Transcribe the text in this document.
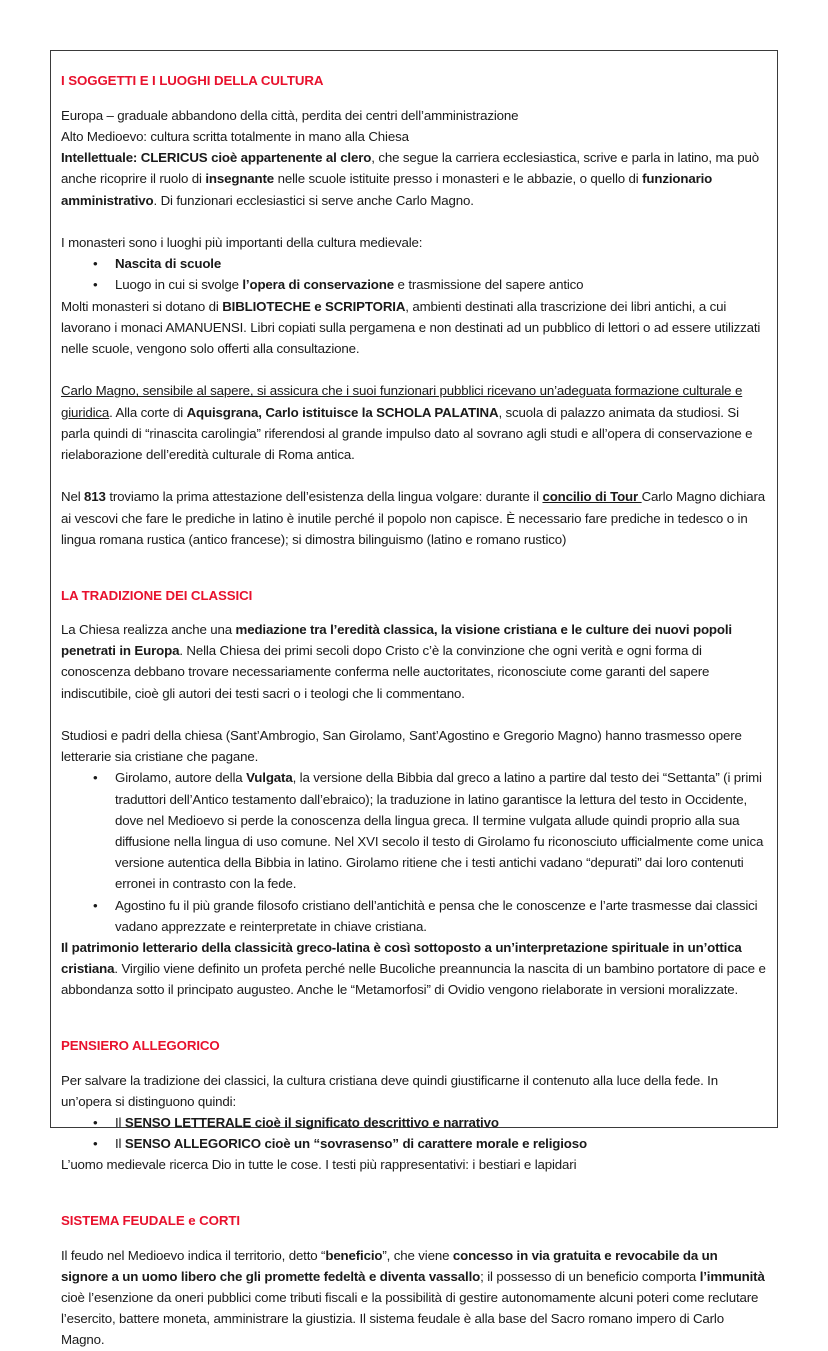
I SOGGETTI E I LUOGHI DELLA CULTURA

Europa – graduale abbandono della città, perdita dei centri dell’amministrazione

Alto Medioevo: cultura scritta totalmente in mano alla Chiesa

Intellettuale: CLERICUS cioè appartenente al clero, che segue la carriera ecclesiastica, scrive e parla in latino, ma può anche ricoprire il ruolo di insegnante nelle scuole istituite presso i monasteri e le abbazie, o quello di funzionario amministrativo. Di funzionari ecclesiastici si serve anche Carlo Magno.

I monasteri sono i luoghi più importanti della cultura medievale:

• Nascita di scuole
• Luogo in cui si svolge l’opera di conservazione e trasmissione del sapere antico

Molti monasteri si dotano di BIBLIOTECHE e SCRIPTORIA, ambienti destinati alla trascrizione dei libri antichi, a cui lavorano i monaci AMANUENSI. Libri copiati sulla pergamena e non destinati ad un pubblico di lettori o ad essere utilizzati nelle scuole, vengono solo offerti alla consultazione.

Carlo Magno, sensibile al sapere, si assicura che i suoi funzionari pubblici ricevano un’adeguata formazione culturale e giuridica. Alla corte di Aquisgrana, Carlo istituisce la SCHOLA PALATINA, scuola di palazzo animata da studiosi. Si parla quindi di “rinascita carolingia” riferendosi al grande impulso dato al sovrano agli studi e all’opera di conservazione e rielaborazione dell’eredità culturale di Roma antica.

Nel 813 troviamo la prima attestazione dell’esistenza della lingua volgare: durante il concilio di Tour Carlo Magno dichiara ai vescovi che fare le prediche in latino è inutile perché il popolo non capisce. È necessario fare prediche in tedesco o in lingua romana rustica (antico francese); si dimostra bilinguismo (latino e romano rustico)

LA TRADIZIONE DEI CLASSICI

La Chiesa realizza anche una mediazione tra l’eredità classica, la visione cristiana e le culture dei nuovi popoli penetrati in Europa. Nella Chiesa dei primi secoli dopo Cristo c’è la convinzione che ogni verità e ogni forma di conoscenza debbano trovare necessariamente conferma nelle auctoritates, riconosciute come garanti del sapere indiscutibile, cioè gli autori dei testi sacri o i teologi che li commentano.

Studiosi e padri della chiesa (Sant’Ambrogio, San Girolamo, Sant’Agostino e Gregorio Magno) hanno trasmesso opere letterarie sia cristiane che pagane.

• Girolamo, autore della Vulgata, la versione della Bibbia dal greco a latino a partire dal testo dei “Settanta” (i primi traduttori dell’Antico testamento dall’ebraico); la traduzione in latino garantisce la lettura del testo in Occidente, dove nel Medioevo si perde la conoscenza della lingua greca. Il termine vulgata allude quindi proprio alla sua diffusione nella lingua di uso comune. Nel XVI secolo il testo di Girolamo fu riconosciuto ufficialmente come unica versione autentica della Bibbia in latino. Girolamo ritiene che i testi antichi vadano “depurati” dai loro contenuti erronei in contrasto con la fede.
• Agostino fu il più grande filosofo cristiano dell’antichità e pensa che le conoscenze e l’arte trasmesse dai classici vadano apprezzate e reinterpretate in chiave cristiana.

Il patrimonio letterario della classicità greco-latina è così sottoposto a un’interpretazione spirituale in un’ottica cristiana. Virgilio viene definito un profeta perché nelle Bucoliche preannuncia la nascita di un bambino portatore di pace e abbondanza sotto il principato augusteo. Anche le “Metamorfosi” di Ovidio vengono rielaborate in versioni moralizzate.

PENSIERO ALLEGORICO

Per salvare la tradizione dei classici, la cultura cristiana deve quindi giustificarne il contenuto alla luce della fede. In un’opera si distinguono quindi:

• Il SENSO LETTERALE cioè il significato descrittivo e narrativo
• Il SENSO ALLEGORICO cioè un “sovrasenso” di carattere morale e religioso

L’uomo medievale ricerca Dio in tutte le cose. I testi più rappresentativi: i bestiari e lapidari

SISTEMA FEUDALE e CORTI

Il feudo nel Medioevo indica il territorio, detto “beneficio”, che viene concesso in via gratuita e revocabile da un signore a un uomo libero che gli promette fedeltà e diventa vassallo; il possesso di un beneficio comporta l’immunità cioè l’esenzione da oneri pubblici come tributi fiscali e la possibilità di gestire autonomamente alcuni poteri come reclutare l’esercito, battere moneta, amministrare la giustizia. Il sistema feudale è alla base del Sacro romano impero di Carlo Magno.
